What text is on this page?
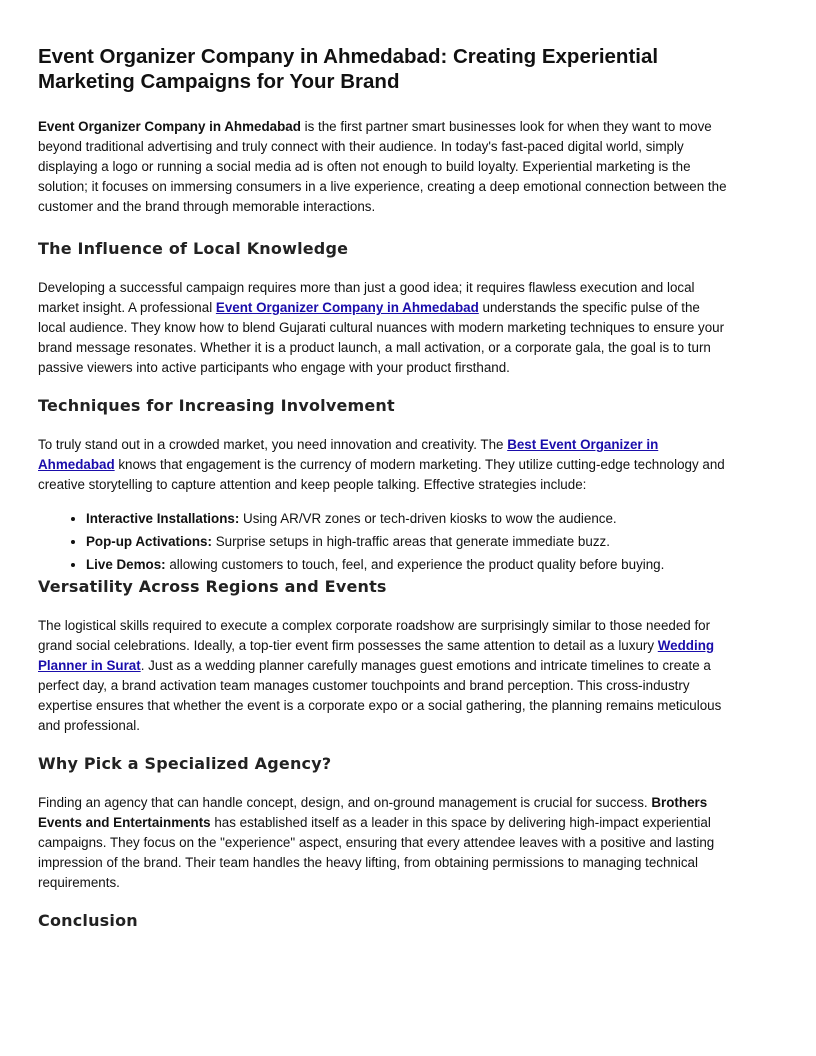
Event Organizer Company in Ahmedabad: Creating Experiential Marketing Campaigns for Your Brand

Event Organizer Company in Ahmedabad is the first partner smart businesses look for when they want to move beyond traditional advertising and truly connect with their audience. In today's fast-paced digital world, simply displaying a logo or running a social media ad is often not enough to build loyalty. Experiential marketing is the solution; it focuses on immersing consumers in a live experience, creating a deep emotional connection between the customer and the brand through memorable interactions.

The Influence of Local Knowledge

Developing a successful campaign requires more than just a good idea; it requires flawless execution and local market insight. A professional Event Organizer Company in Ahmedabad understands the specific pulse of the local audience. They know how to blend Gujarati cultural nuances with modern marketing techniques to ensure your brand message resonates. Whether it is a product launch, a mall activation, or a corporate gala, the goal is to turn passive viewers into active participants who engage with your product firsthand.

Techniques for Increasing Involvement

To truly stand out in a crowded market, you need innovation and creativity. The Best Event Organizer in Ahmedabad knows that engagement is the currency of modern marketing. They utilize cutting-edge technology and creative storytelling to capture attention and keep people talking. Effective strategies include:

• Interactive Installations: Using AR/VR zones or tech-driven kiosks to wow the audience.
• Pop-up Activations: Surprise setups in high-traffic areas that generate immediate buzz.
• Live Demos: allowing customers to touch, feel, and experience the product quality before buying.
Versatility Across Regions and Events

The logistical skills required to execute a complex corporate roadshow are surprisingly similar to those needed for grand social celebrations. Ideally, a top-tier event firm possesses the same attention to detail as a luxury Wedding Planner in Surat. Just as a wedding planner carefully manages guest emotions and intricate timelines to create a perfect day, a brand activation team manages customer touchpoints and brand perception. This cross-industry expertise ensures that whether the event is a corporate expo or a social gathering, the planning remains meticulous and professional.

Why Pick a Specialized Agency?

Finding an agency that can handle concept, design, and on-ground management is crucial for success. Brothers Events and Entertainments has established itself as a leader in this space by delivering high-impact experiential campaigns. They focus on the "experience" aspect, ensuring that every attendee leaves with a positive and lasting impression of the brand. Their team handles the heavy lifting, from obtaining permissions to managing technical requirements.

Conclusion
